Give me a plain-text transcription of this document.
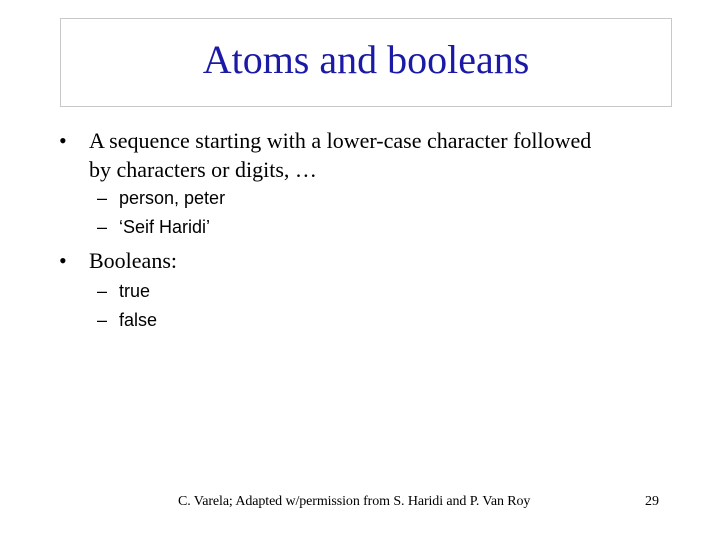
Atoms and booleans
• A sequence starting with a lower-case character followed
by characters or digits, …
– person, peter
– ‘Seif Haridi’
• Booleans:
– true
– false
C. Varela; Adapted w/permission from S. Haridi and P. Van Roy	29
